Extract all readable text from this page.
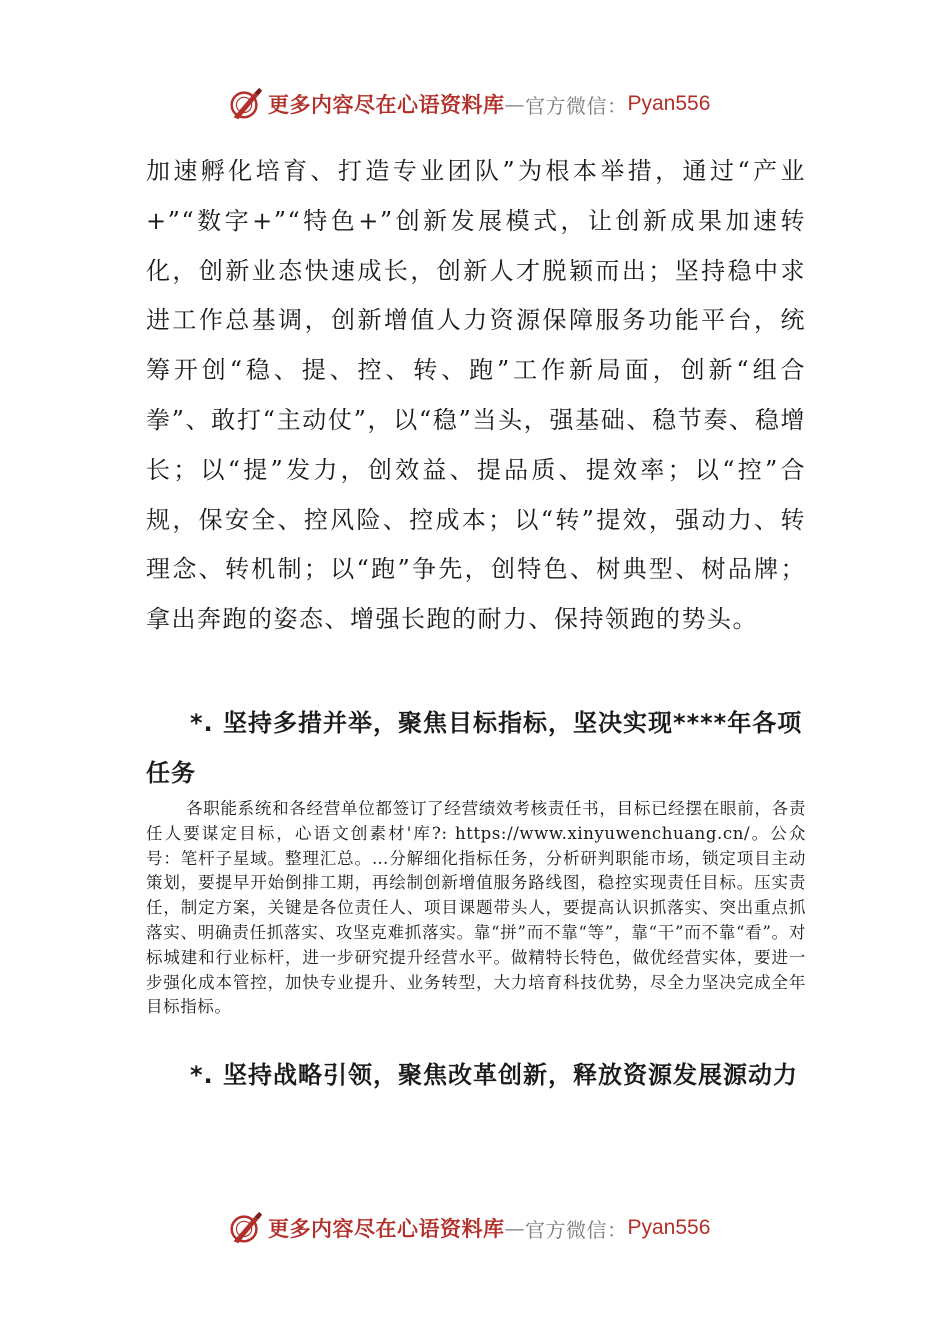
更多内容尽在心语资料库 — 官方微信： Pyan556

加速孵化培育、打造专业团队”为根本举措，通过“产业+”“数字+”“特色+”创新发展模式，让创新成果加速转化，创新业态快速成长，创新人才脱颖而出；坚持稳中求进工作总基调，创新增值人力资源保障服务功能平台，统筹开创“稳、提、控、转、跑”工作新局面，创新“组合拳”、敢打“主动仗”，以“稳”当头，强基础、稳节奏、稳增长；以“提”发力，创效益、提品质、提效率；以“控”合规，保安全、控风险、控成本；以“转”提效，强动力、转理念、转机制；以“跑”争先，创特色、树典型、树品牌；拿出奔跑的姿态、增强长跑的耐力、保持领跑的势头。

*. 坚持多措并举，聚焦目标指标，坚决实现****年各项任务

各职能系统和各经营单位都签订了经营绩效考核责任书，目标已经摆在眼前，各责任人要谋定目标，心语文创素材'库?: https://www.xinyuwenchuang.cn/。公众号：笔杆子星域。整理汇总。…分解细化指标任务，分析研判职能市场，锁定项目主动策划，要提早开始倒排工期，再绘制创新增值服务路线图，稳控实现责任目标。压实责任，制定方案，关键是各位责任人、项目课题带头人，要提高认识抓落实、突出重点抓落实、明确责任抓落实、攻坚克难抓落实。靠“拼”而不靠“等”，靠“干”而不靠“看”。对标城建和行业标杆，进一步研究提升经营水平。做精特长特色，做优经营实体，要进一步强化成本管控，加快专业提升、业务转型，大力培育科技优势，尽全力坚决完成全年目标指标。

*. 坚持战略引领，聚焦改革创新，释放资源发展源动力

更多内容尽在心语资料库 — 官方微信： Pyan556
